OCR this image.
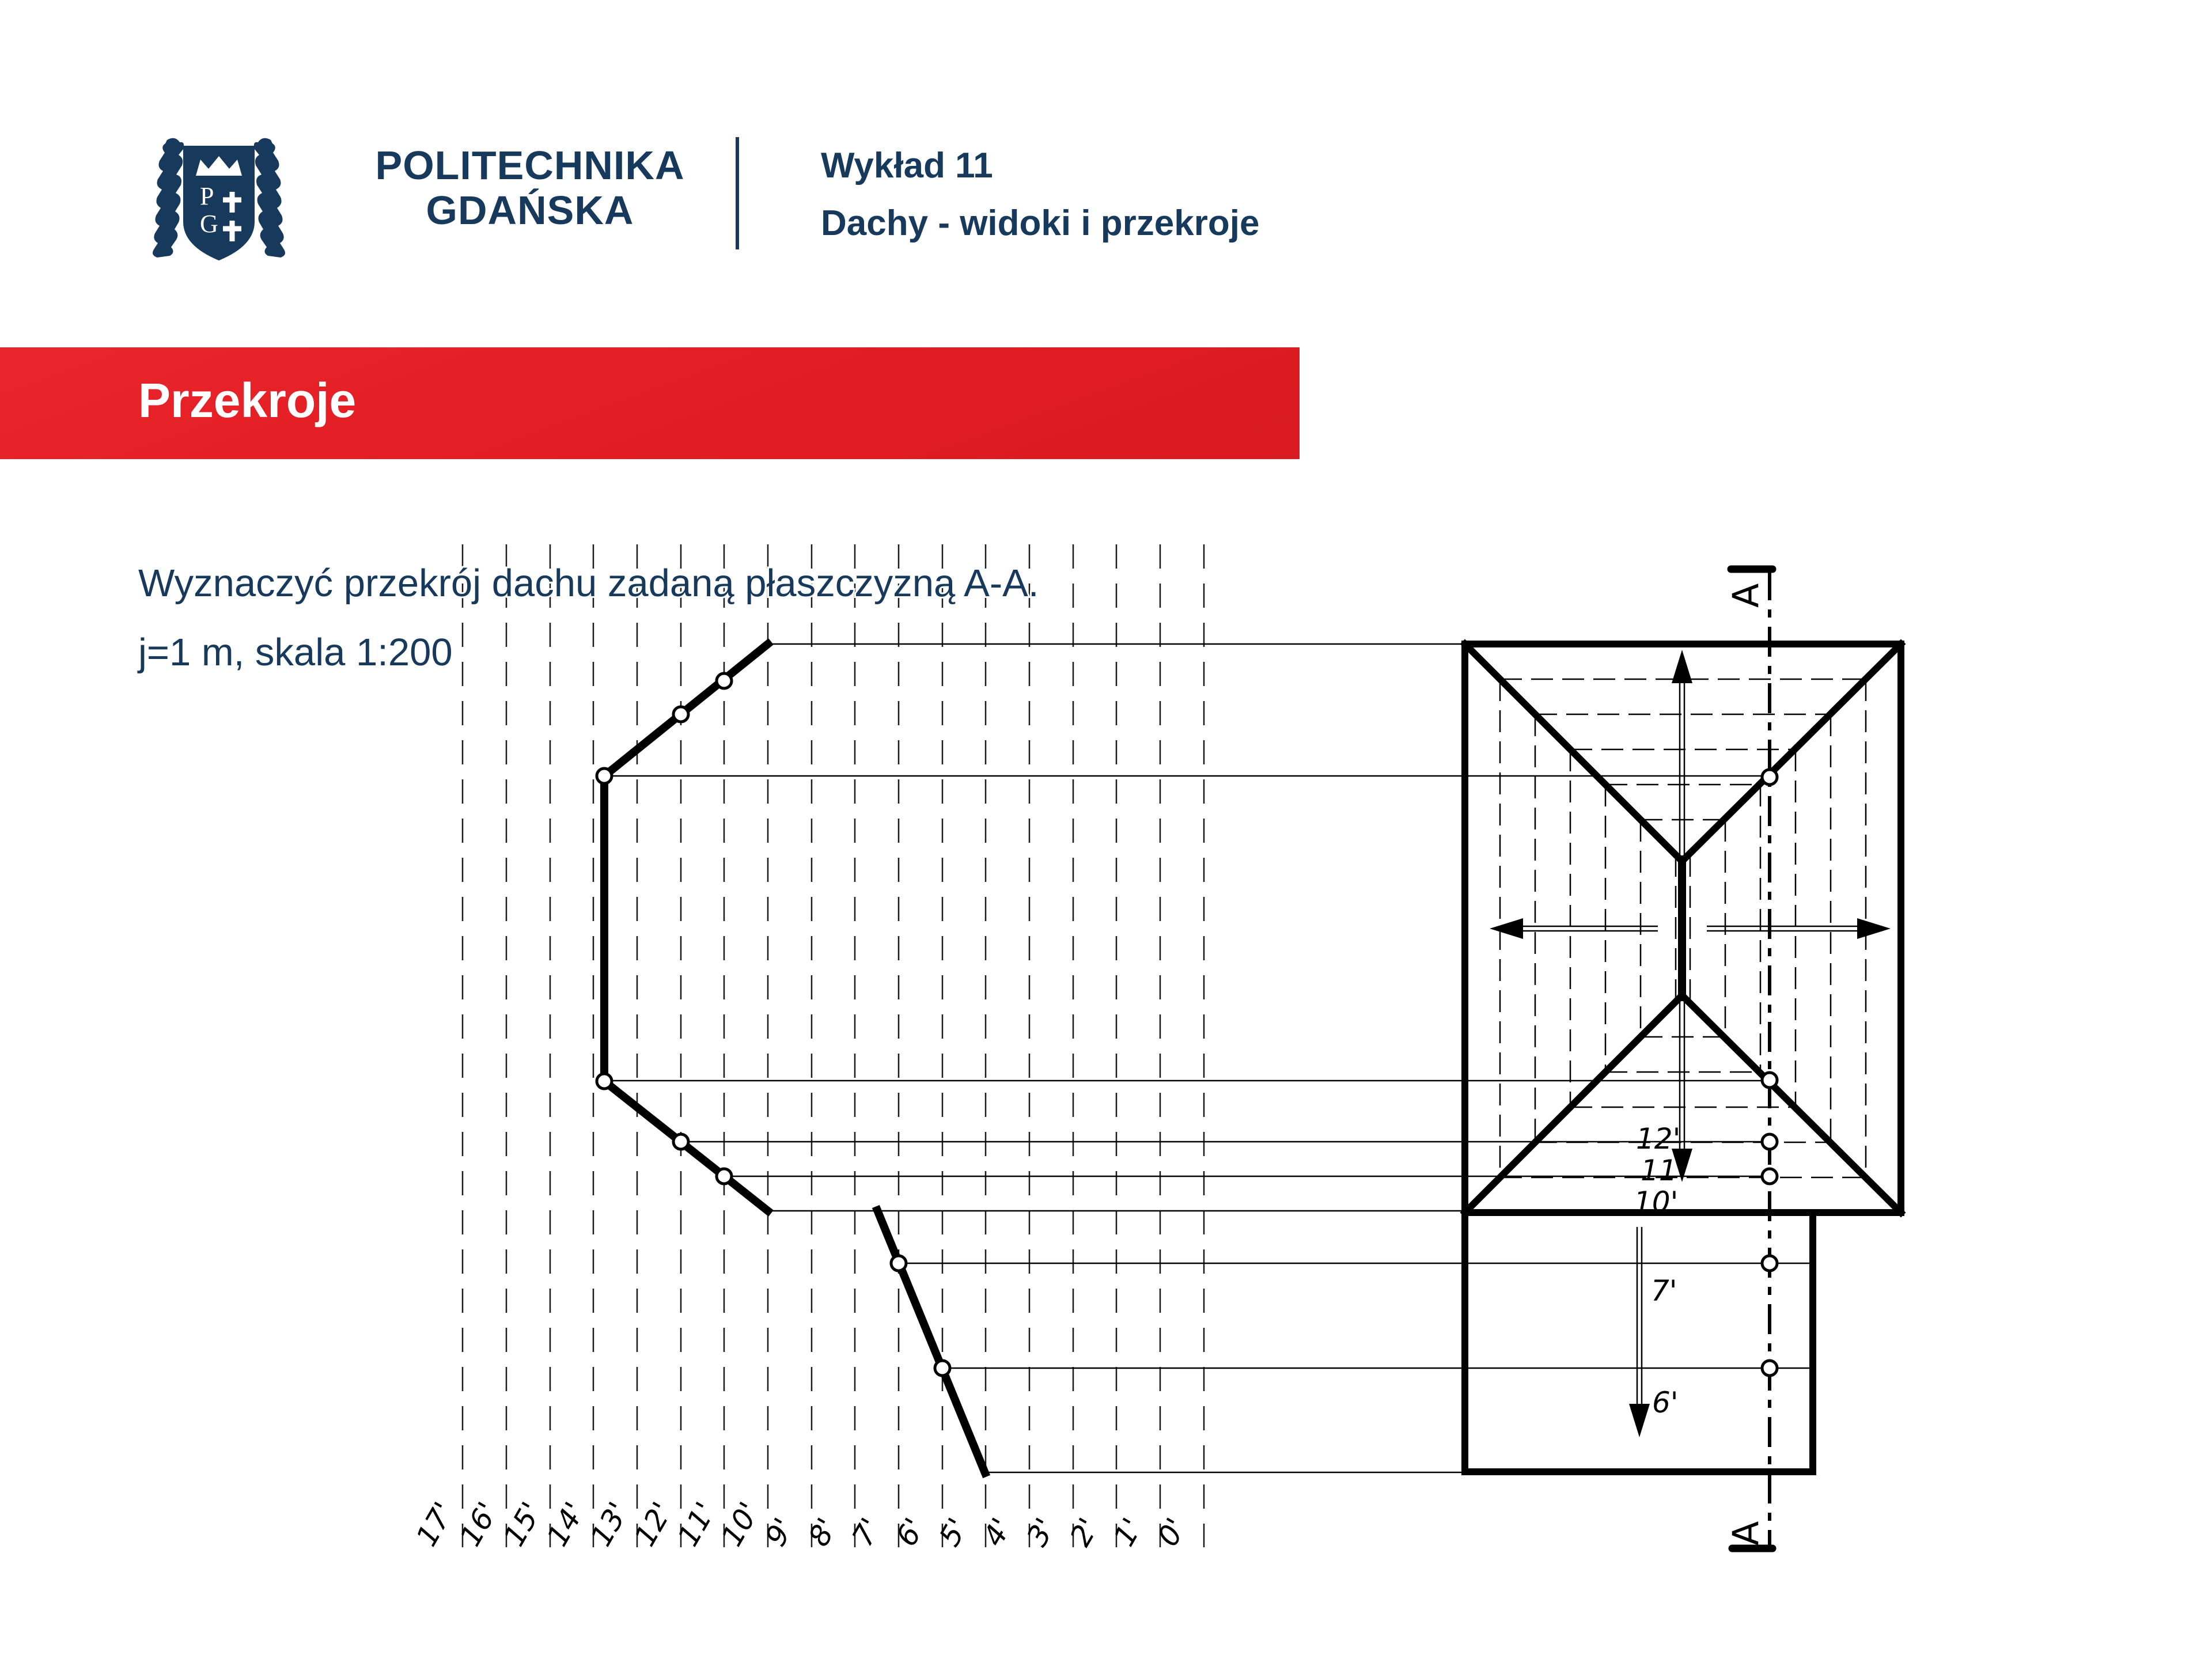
P
G
POLITECHNIKA
GDAŃSKA
Wykład 11
Dachy - widoki i przekroje
Przekroje
17'
16'
15'
14'
13'
12'
11'
10'
9' 8' 7' 6' 5' 4' 3' 2' 1' 0'
Wyznaczyć przekrój dachu zadaną płaszczyzną A-A.
j=1 m, skala 1:200
A
A
12'
11'
10'
7'
6'
